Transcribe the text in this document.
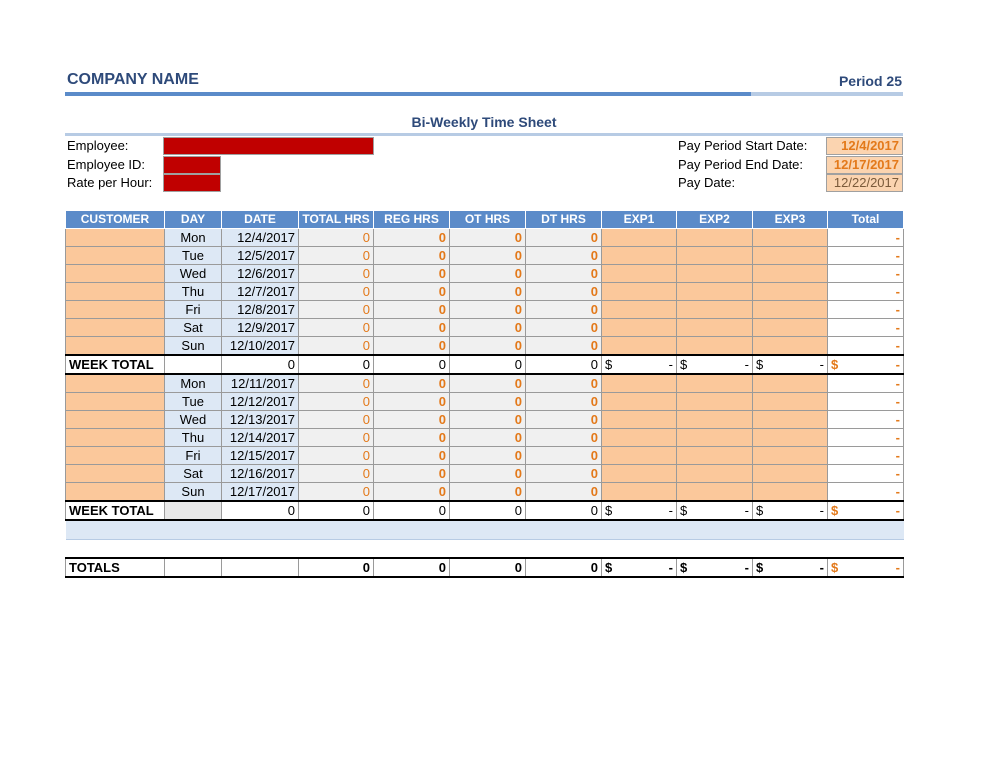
COMPANY NAME	Period 25
Bi-Weekly Time Sheet
Employee:
Employee ID:
Rate per Hour:
Pay Period Start Date:	12/4/2017
Pay Period End Date:	12/17/2017
Pay Date:	12/22/2017
CUSTOMER	DAY	DATE	TOTAL HRS	REG HRS	OT HRS	DT HRS	EXP1	EXP2	EXP3	Total
	Mon	12/4/2017	0	0	0	0				-
	Tue	12/5/2017	0	0	0	0				-
	Wed	12/6/2017	0	0	0	0				-
	Thu	12/7/2017	0	0	0	0				-
	Fri	12/8/2017	0	0	0	0				-
	Sat	12/9/2017	0	0	0	0				-
	Sun	12/10/2017	0	0	0	0				-
WEEK TOTAL		0	0	0	0	0	$ -	$ -	$ -	$ -

	Mon	12/11/2017	0	0	0	0				-
	Tue	12/12/2017	0	0	0	0				-
	Wed	12/13/2017	0	0	0	0				-
	Thu	12/14/2017	0	0	0	0				-
	Fri	12/15/2017	0	0	0	0				-
	Sat	12/16/2017	0	0	0	0				-
	Sun	12/17/2017	0	0	0	0				-
WEEK TOTAL		0	0	0	0	0	$ -	$ -	$ -	$ -

TOTALS			0	0	0	0	$ -	$ -	$ -	$ -
